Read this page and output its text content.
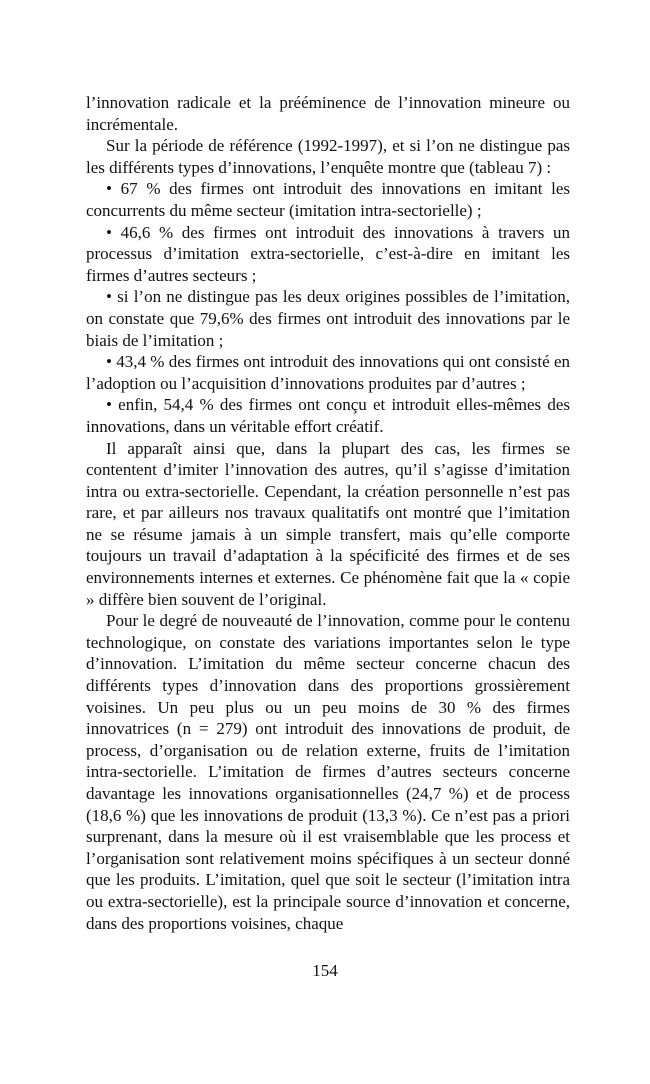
l’innovation radicale et la prééminence de l’innovation mineure ou incrémentale.

Sur la période de référence (1992-1997), et si l’on ne distingue pas les différents types d’innovations, l’enquête montre que (tableau 7) :

• 67 % des firmes ont introduit des innovations en imitant les concurrents du même secteur (imitation intra-sectorielle) ;

• 46,6 % des firmes ont introduit des innovations à travers un processus d’imitation extra-sectorielle, c’est-à-dire en imitant les firmes d’autres secteurs ;

• si l’on ne distingue pas les deux origines possibles de l’imitation, on constate que 79,6% des firmes ont introduit des innovations par le biais de l’imitation ;

• 43,4 % des firmes ont introduit des innovations qui ont consisté en l’adoption ou l’acquisition d’innovations produites par d’autres ;

• enfin, 54,4 % des firmes ont conçu et introduit elles-mêmes des innovations, dans un véritable effort créatif.

Il apparaît ainsi que, dans la plupart des cas, les firmes se contentent d’imiter l’innovation des autres, qu’il s’agisse d’imitation intra ou extra-sectorielle. Cependant, la création personnelle n’est pas rare, et par ailleurs nos travaux qualitatifs ont montré que l’imitation ne se résume jamais à un simple transfert, mais qu’elle comporte toujours un travail d’adaptation à la spécificité des firmes et de ses environnements internes et externes. Ce phénomène fait que la « copie » diffère bien souvent de l’original.

Pour le degré de nouveauté de l’innovation, comme pour le contenu technologique, on constate des variations importantes selon le type d’innovation. L’imitation du même secteur concerne chacun des différents types d’innovation dans des proportions grossièrement voisines. Un peu plus ou un peu moins de 30 % des firmes innovatrices (n = 279) ont introduit des innovations de produit, de process, d’organisation ou de relation externe, fruits de l’imitation intra-sectorielle. L’imitation de firmes d’autres secteurs concerne davantage les innovations organisationnelles (24,7 %) et de process (18,6 %) que les innovations de produit (13,3 %). Ce n’est pas a priori surprenant, dans la mesure où il est vraisemblable que les process et l’organisation sont relativement moins spécifiques à un secteur donné que les produits. L’imitation, quel que soit le secteur (l’imitation intra ou extra-sectorielle), est la principale source d’innovation et concerne, dans des proportions voisines, chaque

154
